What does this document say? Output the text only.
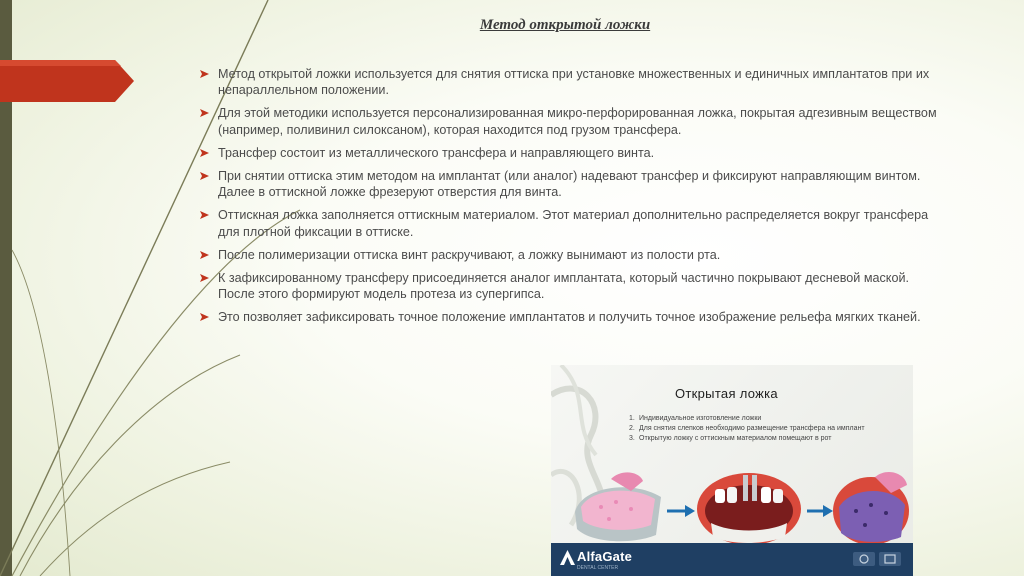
Метод открытой ложки
Метод открытой ложки используется для снятия оттиска при установке множественных и единичных имплантатов при их непараллельном положении.
Для этой методики используется персонализированная микро-перфорированная ложка, покрытая адгезивным веществом (например, поливинил силоксаном), которая находится под грузом трансфера.
Трансфер состоит из металлического трансфера и направляющего винта.
При снятии оттиска этим методом на имплантат (или аналог) надевают трансфер и фиксируют направляющим винтом. Далее в оттискной ложке фрезеруют отверстия для винта.
Оттискная ложка заполняется оттискным материалом. Этот материал дополнительно распределяется вокруг трансфера для плотной фиксации в оттиске.
После полимеризации оттиска винт раскручивают, а ложку вынимают из полости рта.
К зафиксированному трансферу присоединяется аналог имплантата, который частично покрывают десневой маской. После этого формируют модель протеза из супергипса.
Это позволяет зафиксировать точное положение имплантатов и получить точное изображение рельефа мягких тканей.
Открытая ложка
1. Индивидуальное изготовление ложки
2. Для снятия слепков необходимо размещение трансфера на имплант
3. Открытую ложку с оттискным материалом помещают в рот
AlfaGate
DENTAL CENTER
